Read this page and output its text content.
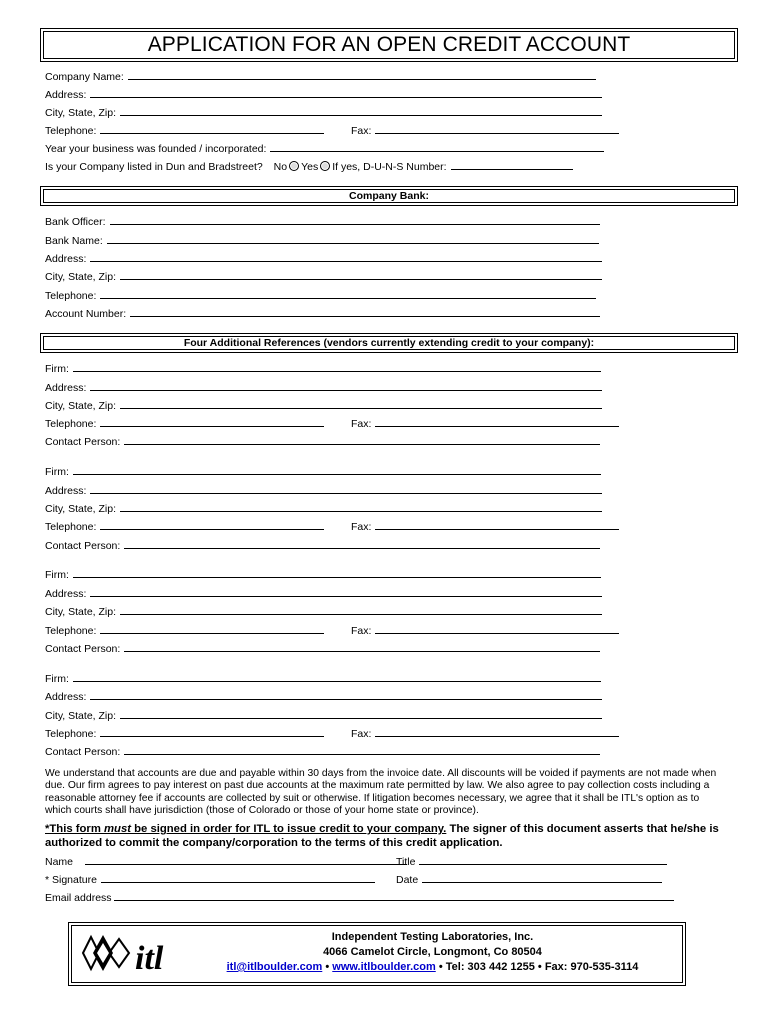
APPLICATION FOR AN OPEN CREDIT ACCOUNT
Company Name:
Address:
City, State, Zip:
Telephone:	Fax:
Year your business was founded / incorporated:
Is your Company listed in Dun and Bradstreet? No Yes If yes, D-U-N-S Number:
Company Bank:
Bank Officer:
Bank Name:
Address:
City, State, Zip:
Telephone:
Account Number:
Four Additional References (vendors currently extending credit to your company):
Firm:
Address:
City, State, Zip:
Telephone:	Fax:
Contact Person:
Firm:
Address:
City, State, Zip:
Telephone:	Fax:
Contact Person:
Firm:
Address:
City, State, Zip:
Telephone:	Fax:
Contact Person:
Firm:
Address:
City, State, Zip:
Telephone:	Fax:
Contact Person:
We understand that accounts are due and payable within 30 days from the invoice date. All discounts will be voided if payments are not made when due. Our firm agrees to pay interest on past due accounts at the maximum rate permitted by law. We also agree to pay collection costs including a reasonable attorney fee if accounts are collected by suit or otherwise. If litigation becomes necessary, we agree that it shall be ITL's option as to which courts shall have jurisdiction (those of Colorado or those of your home state or province).
*This form must be signed in order for ITL to issue credit to your company. The signer of this document asserts that he/she is authorized to commit the company/corporation to the terms of this credit application.
Name	Title
* Signature	Date
Email address
itl
Independent Testing Laboratories, Inc.
4066 Camelot Circle, Longmont, Co 80504
itl@itlboulder.com • www.itlboulder.com • Tel: 303 442 1255 • Fax: 970-535-3114
